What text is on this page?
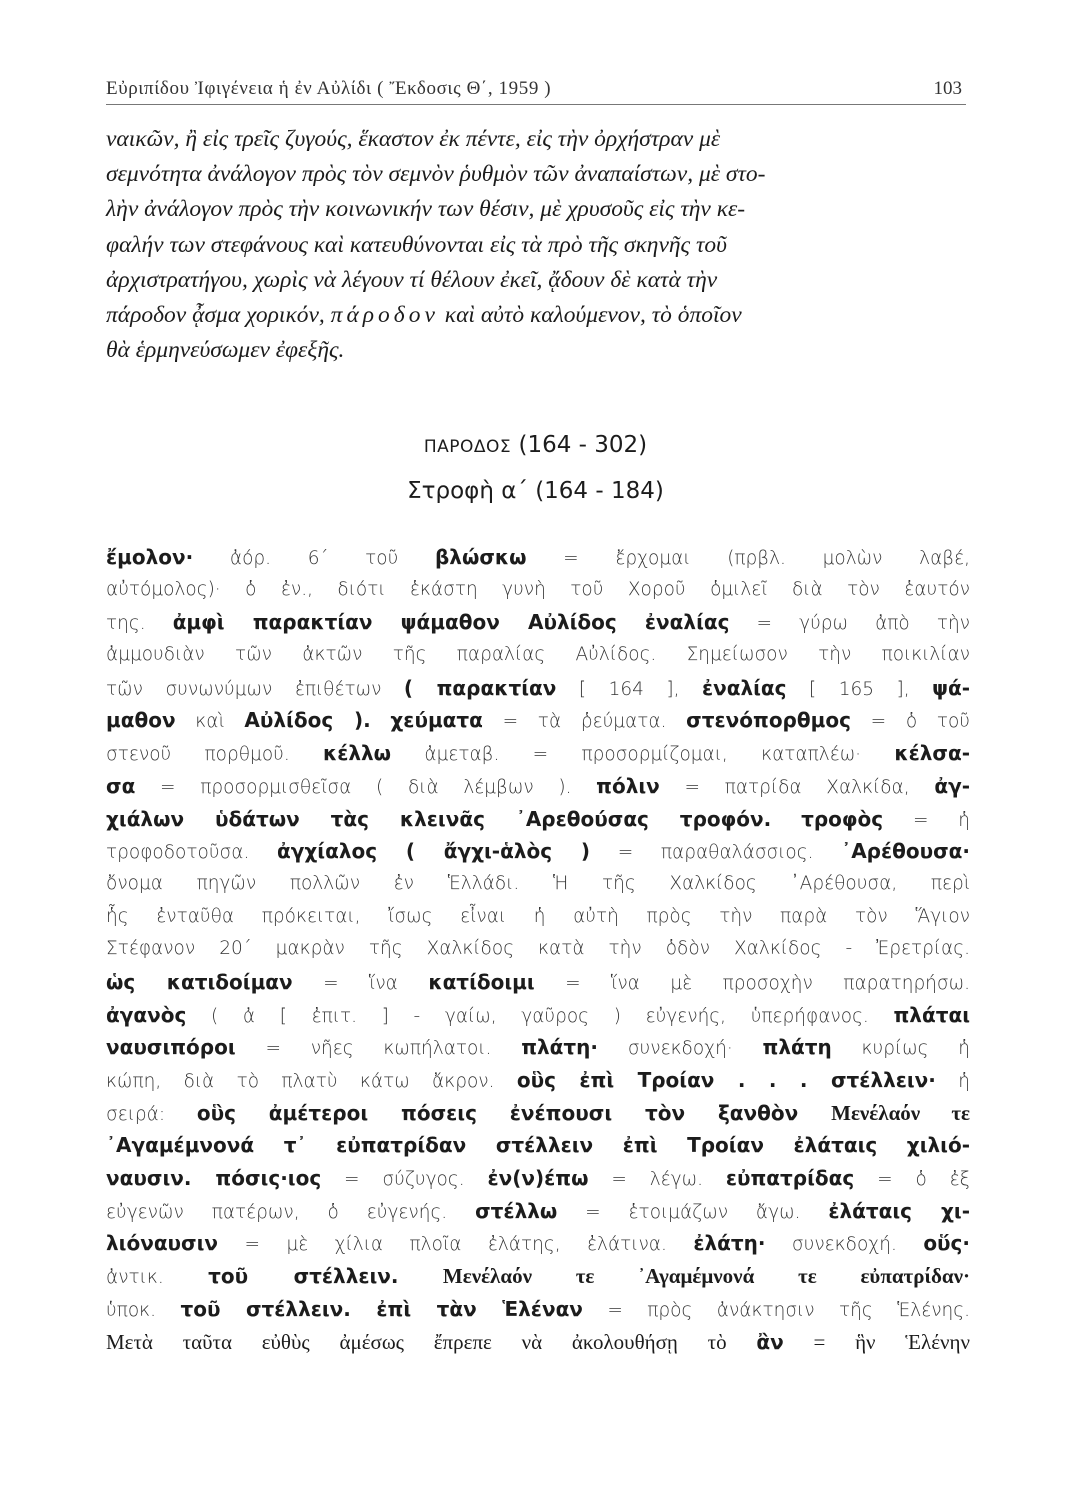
Εὐριπίδου Ἰφιγένεια ἡ ἐν Αὐλίδι ( Ἔκδοσις Θ΄, 1959 )	103
ναικῶν, ἢ εἰς τρεῖς ζυγούς, ἕκαστον ἐκ πέντε, εἰς τὴν ὀρχήστραν μὲ
σεμνότητα ἀνάλογον πρὸς τὸν σεμνὸν ῥυθμὸν τῶν ἀναπαίστων, μὲ στο-
λὴν ἀνάλογον πρὸς τὴν κοινωνικήν των θέσιν, μὲ χρυσοῦς εἰς τὴν κε-
φαλήν των στεφάνους καὶ κατευθύνονται εἰς τὰ πρὸ τῆς σκηνῆς τοῦ
ἀρχιστρατήγου, χωρὶς νὰ λέγουν τί θέλουν ἐκεῖ, ᾄδουν δὲ κατὰ τὴν
πάροδον ᾆσμα χορικόν, πάροδον καὶ αὐτὸ καλούμενον, τὸ ὁποῖον
θὰ ἑρμηνεύσωμεν ἐφεξῆς.
ΠΑΡΟΔΟΣ (164 - 302)
Στροφὴ α΄ (164 - 184)
ἔμολον· ἀόρ. 6΄ τοῦ βλώσκω = ἔρχομαι (πρβλ. μολὼν λαβέ,
αὐτόμολος)· ὁ ἐν., διότι ἑκάστη γυνὴ τοῦ Χοροῦ ὁμιλεῖ διὰ τὸν ἑαυτόν
της. ἀμφὶ παρακτίαν ψάμαθον Αὐλίδος ἐναλίας = γύρω ἀπὸ τὴν
ἀμμουδιὰν τῶν ἀκτῶν τῆς παραλίας Αὐλίδος. Σημείωσον τὴν ποικιλίαν
τῶν συνωνύμων ἐπιθέτων ( παρακτίαν [ 164 ], ἐναλίας [ 165 ], ψά-
μαθον καὶ Αὐλίδος ). χεύματα = τὰ ῥεύματα. στενόπορθμος = ὁ τοῦ
στενοῦ πορθμοῦ. κέλλω ἀμεταβ. = προσορμίζομαι, καταπλέω· κέλσα-
σα = προσορμισθεῖσα ( διὰ λέμβων ). πόλιν = πατρίδα Χαλκίδα, ἀγ-
χιάλων ὑδάτων τὰς κλεινᾶς ᾿Αρεθούσας τροφόν. τροφὸς = ἡ
τροφοδοτοῦσα. ἀγχίαλος ( ἄγχι-ἁλὸς ) = παραθαλάσσιος. ᾿Αρέθουσα·
ὄνομα πηγῶν πολλῶν ἐν Ἑλλάδι. Ἡ τῆς Χαλκίδος ᾿Αρέθουσα, περὶ
ἧς ἐνταῦθα πρόκειται, ἴσως εἶναι ἡ αὐτὴ πρὸς τὴν παρὰ τὸν Ἅγιον
Στέφανον 20΄ μακρὰν τῆς Χαλκίδος κατὰ τὴν ὁδὸν Χαλκίδος - Ἐρετρίας.
ὡς κατιδοίμαν = ἵνα κατίδοιμι = ἵνα μὲ προσοχὴν παρατηρήσω.
ἀγανὸς ( ἀ [ ἐπιτ. ] - γαίω, γαῦρος ) εὐγενής, ὑπερήφανος. πλάται
ναυσιπόροι = νῆες κωπήλατοι. πλάτη· συνεκδοχή· πλάτη κυρίως ἡ
κώπη, διὰ τὸ πλατὺ κάτω ἄκρον. οὓς ἐπὶ Τροίαν . . . στέλλειν· ἡ
σειρά: οὓς ἀμέτεροι πόσεις ἐνέπουσι τὸν ξανθὸν Μενέλαόν τε
᾿Αγαμέμνονά τ᾿ εὐπατρίδαν στέλλειν ἐπὶ Τροίαν ἐλάταις χιλιό-
ναυσιν. πόσις·ιος = σύζυγος. ἐν(ν)έπω = λέγω. εὐπατρίδας = ὁ ἐξ
εὐγενῶν πατέρων, ὁ εὐγενής. στέλλω = ἑτοιμάζων ἄγω. ἐλάταις χι-
λιόναυσιν = μὲ χίλια πλοῖα ἐλάτης, ἐλάτινα. ἐλάτη· συνεκδοχή. οὕς·
ἀντικ. τοῦ στέλλειν. Μενέλαόν τε ᾿Αγαμέμνονά τε εὐπατρίδαν·
ὑποκ. τοῦ στέλλειν. ἐπὶ τὰν Ἑλέναν = πρὸς ἀνάκτησιν τῆς Ἑλένης.
Μετὰ ταῦτα εὐθὺς ἀμέσως ἔπρεπε νὰ ἀκολουθήσῃ τὸ ἂν = ἣν Ἑλένην
